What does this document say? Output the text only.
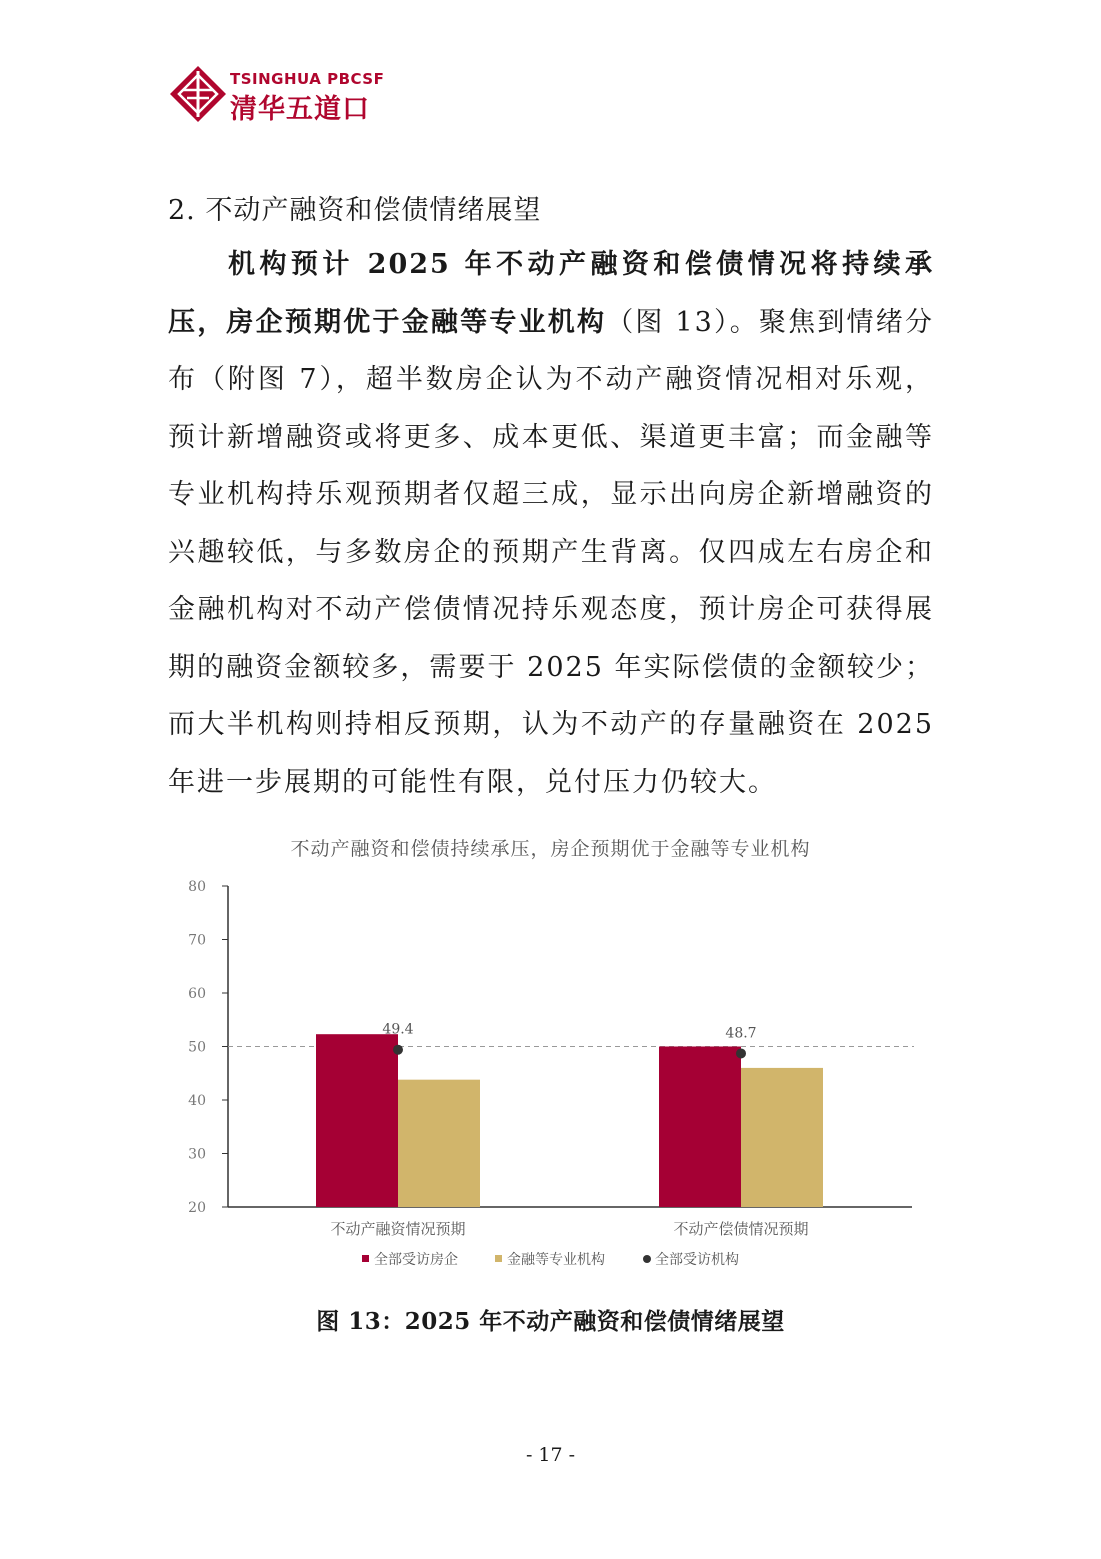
TSINGHUA PBCSF
清华五道口
2. 不动产融资和偿债情绪展望
机构预计 2025 年不动产融资和偿债情况将持续承压，房企预期优于金融等专业机构（图 13）。聚焦到情绪分布（附图 7），超半数房企认为不动产融资情况相对乐观，预计新增融资或将更多、成本更低、渠道更丰富；而金融等专业机构持乐观预期者仅超三成，显示出向房企新增融资的兴趣较低，与多数房企的预期产生背离。仅四成左右房企和金融机构对不动产偿债情况持乐观态度，预计房企可获得展期的融资金额较多，需要于 2025 年实际偿债的金额较少；而大半机构则持相反预期，认为不动产的存量融资在 2025 年进一步展期的可能性有限，兑付压力仍较大。
不动产融资和偿债持续承压，房企预期优于金融等专业机构
20
30
40
50
60
70
80
49.4
不动产融资情况预期
48.7
不动产偿债情况预期
全部受访房企	金融等专业机构	全部受访机构
图 13：2025 年不动产融资和偿债情绪展望
- 17 -
